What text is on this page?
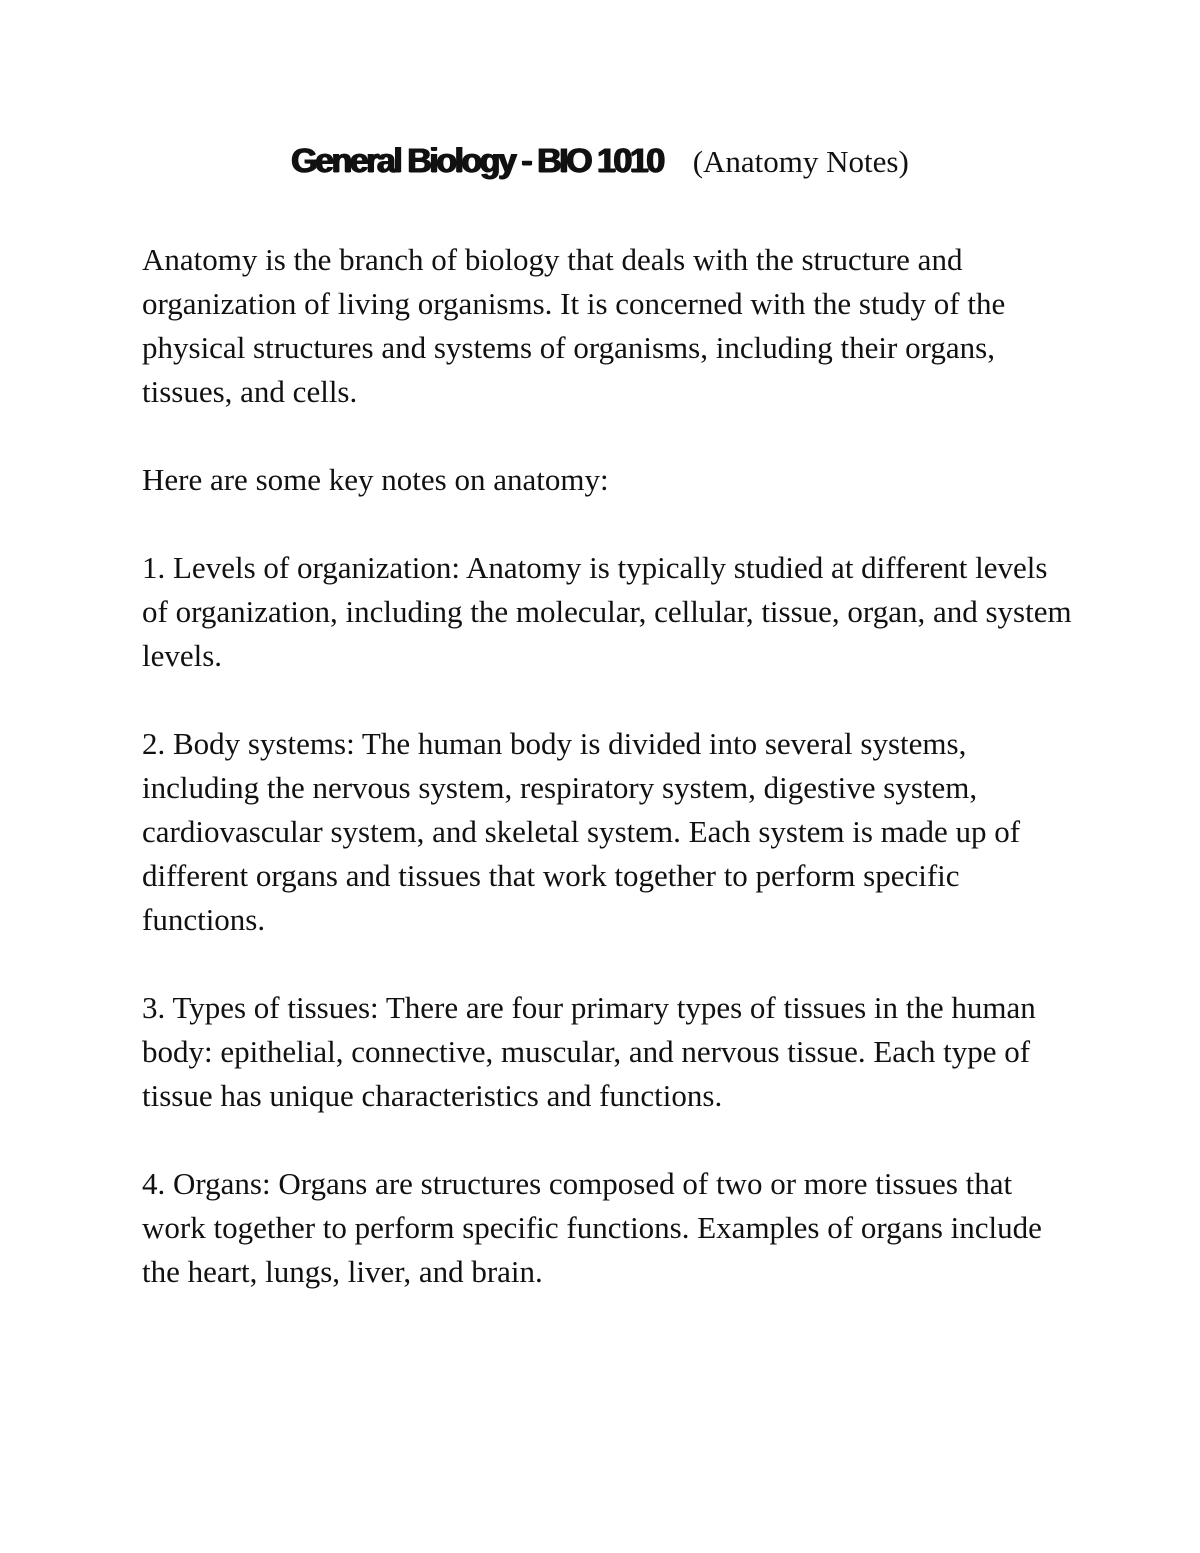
General Biology - BIO 1010 (Anatomy Notes)

Anatomy is the branch of biology that deals with the structure and organization of living organisms. It is concerned with the study of the physical structures and systems of organisms, including their organs, tissues, and cells.

Here are some key notes on anatomy:

1. Levels of organization: Anatomy is typically studied at different levels of organization, including the molecular, cellular, tissue, organ, and system levels.

2. Body systems: The human body is divided into several systems, including the nervous system, respiratory system, digestive system, cardiovascular system, and skeletal system. Each system is made up of different organs and tissues that work together to perform specific functions.

3. Types of tissues: There are four primary types of tissues in the human body: epithelial, connective, muscular, and nervous tissue. Each type of tissue has unique characteristics and functions.

4. Organs: Organs are structures composed of two or more tissues that work together to perform specific functions. Examples of organs include the heart, lungs, liver, and brain.
